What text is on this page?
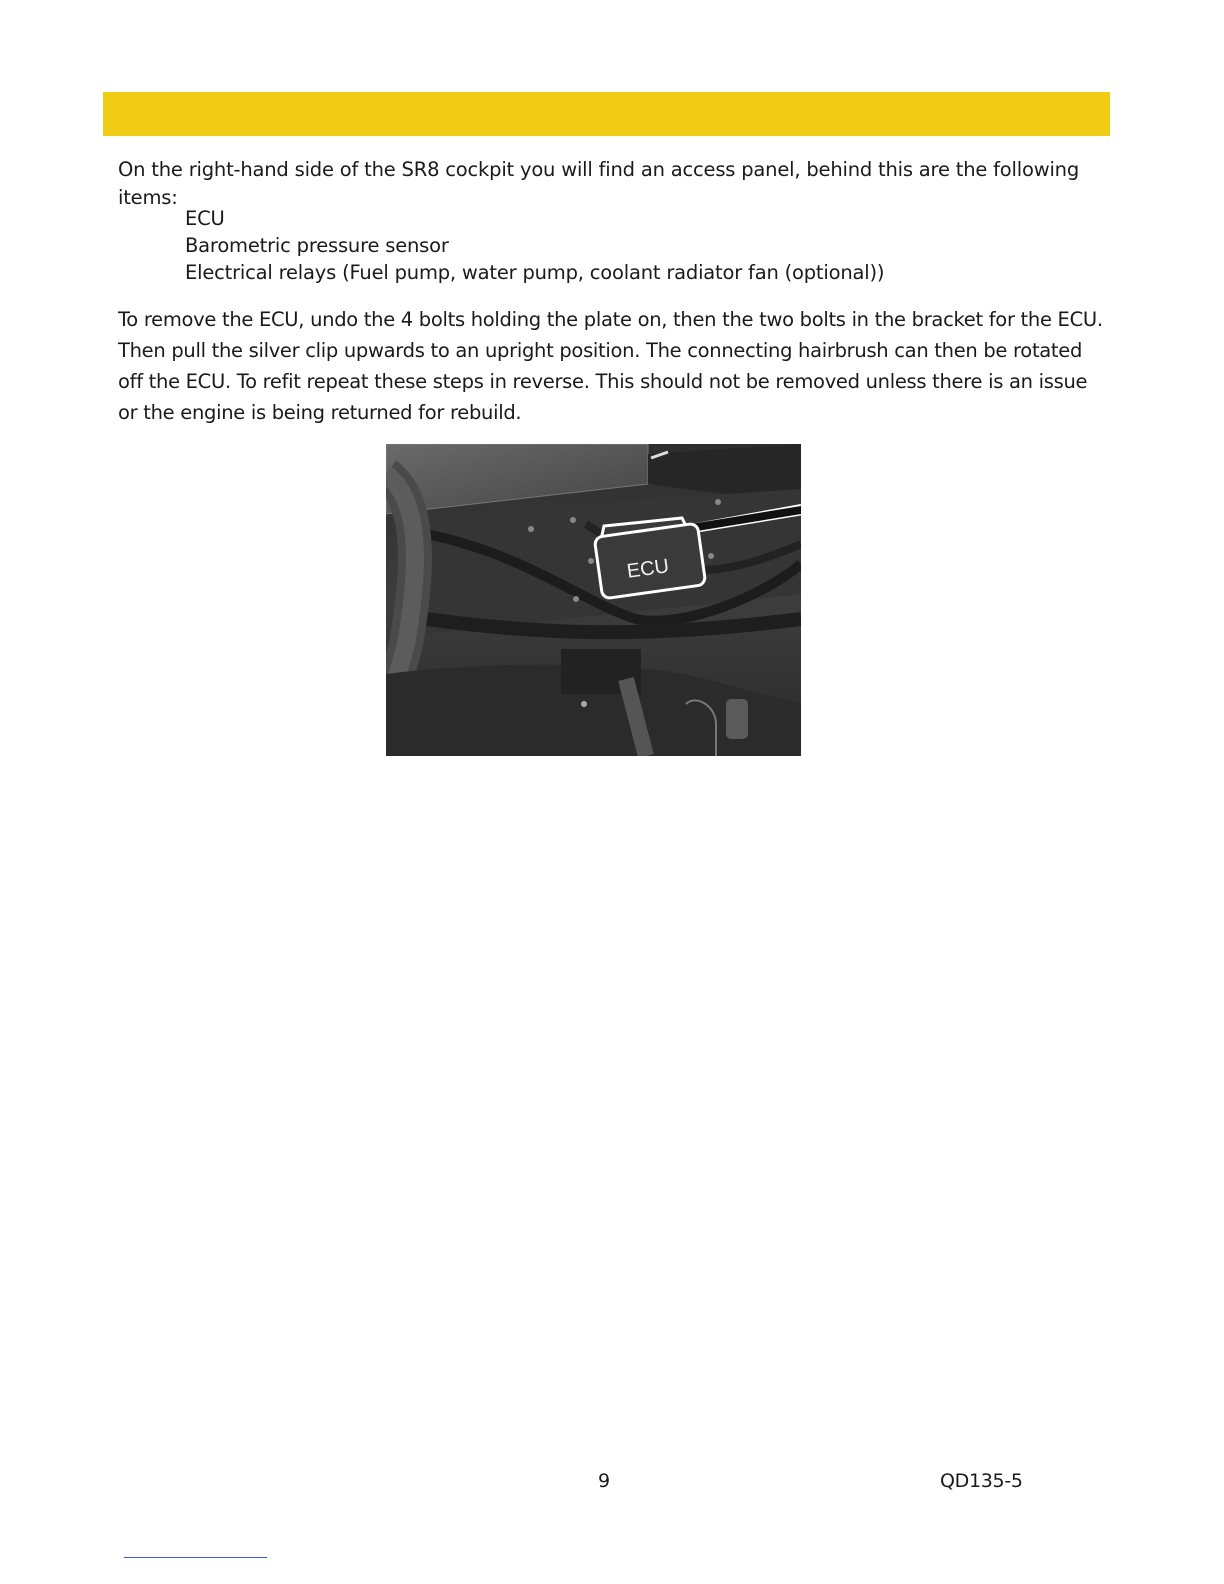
On the right-hand side of the SR8 cockpit you will find an access panel, behind this are the following items:
ECU
Barometric pressure sensor
Electrical relays (Fuel pump, water pump, coolant radiator fan (optional))
To remove the ECU, undo the 4 bolts holding the plate on, then the two bolts in the bracket for the ECU. Then pull the silver clip upwards to an upright position. The connecting hairbrush can then be rotated off the ECU. To refit repeat these steps in reverse. This should not be removed unless there is an issue or the engine is being returned for rebuild.
ECU
9	QD135-5
